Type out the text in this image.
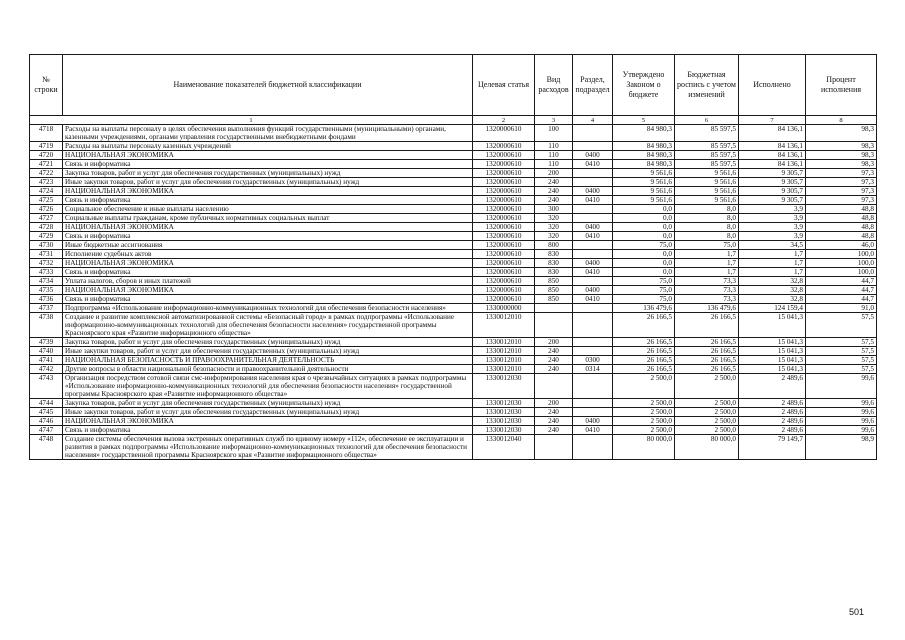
№ строки	Наименование показателей бюджетной классификации	Целевая статья	Вид расходов	Раздел, подраздел	Утверждено Законом о бюджете	Бюджетная роспись с учетом изменений	Исполнено	Процент исполнения
1		2	3	4	5	6	7	8
4718	Расходы на выплаты персоналу в целях обеспечения выполнения функций государственными (муниципальными) органами, казенными учреждениями, органами управления государственными внебюджетными фондами	1320000610	100		84 980,3	85 597,5	84 136,1	98,3
4719	Расходы на выплаты персоналу казенных учреждений	1320000610	110		84 980,3	85 597,5	84 136,1	98,3
4720	НАЦИОНАЛЬНАЯ ЭКОНОМИКА	1320000610	110	0400	84 980,3	85 597,5	84 136,1	98,3
4721	Связь и информатика	1320000610	110	0410	84 980,3	85 597,5	84 136,1	98,3
4722	Закупка товаров, работ и услуг для обеспечения государственных (муниципальных) нужд	1320000610	200		9 561,6	9 561,6	9 305,7	97,3
4723	Иные закупки товаров, работ и услуг для обеспечения государственных (муниципальных) нужд	1320000610	240		9 561,6	9 561,6	9 305,7	97,3
4724	НАЦИОНАЛЬНАЯ ЭКОНОМИКА	1320000610	240	0400	9 561,6	9 561,6	9 305,7	97,3
4725	Связь и информатика	1320000610	240	0410	9 561,6	9 561,6	9 305,7	97,3
4726	Социальное обеспечение и иные выплаты населению	1320000610	300		0,0	8,0	3,9	48,8
4727	Социальные выплаты гражданам, кроме публичных нормативных социальных выплат	1320000610	320		0,0	8,0	3,9	48,8
4728	НАЦИОНАЛЬНАЯ ЭКОНОМИКА	1320000610	320	0400	0,0	8,0	3,9	48,8
4729	Связь и информатика	1320000610	320	0410	0,0	8,0	3,9	48,8
4730	Иные бюджетные ассигнования	1320000610	800		75,0	75,0	34,5	46,0
4731	Исполнение судебных актов	1320000610	830		0,0	1,7	1,7	100,0
4732	НАЦИОНАЛЬНАЯ ЭКОНОМИКА	1320000610	830	0400	0,0	1,7	1,7	100,0
4733	Связь и информатика	1320000610	830	0410	0,0	1,7	1,7	100,0
4734	Уплата налогов, сборов и иных платежей	1320000610	850		75,0	73,3	32,8	44,7
4735	НАЦИОНАЛЬНАЯ ЭКОНОМИКА	1320000610	850	0400	75,0	73,3	32,8	44,7
4736	Связь и информатика	1320000610	850	0410	75,0	73,3	32,8	44,7
4737	Подпрограмма «Использование информационно-коммуникационных технологий для обеспечения безопасности населения»	1330000000			136 479,6	136 479,6	124 159,4	91,0
4738	Создание и развитие комплексной автоматизированной системы «Безопасный город» в рамках подпрограммы «Использование информационно-коммуникационных технологий для обеспечения безопасности населения» государственной программы Красноярского края «Развитие информационного общества»	1330012010			26 166,5	26 166,5	15 041,3	57,5
4739	Закупка товаров, работ и услуг для обеспечения государственных (муниципальных) нужд	1330012010	200		26 166,5	26 166,5	15 041,3	57,5
4740	Иные закупки товаров, работ и услуг для обеспечения государственных (муниципальных) нужд	1330012010	240		26 166,5	26 166,5	15 041,3	57,5
4741	НАЦИОНАЛЬНАЯ БЕЗОПАСНОСТЬ И ПРАВООХРАНИТЕЛЬНАЯ ДЕЯТЕЛЬНОСТЬ	1330012010	240	0300	26 166,5	26 166,5	15 041,3	57,5
4742	Другие вопросы в области национальной безопасности и правоохранительной деятельности	1330012010	240	0314	26 166,5	26 166,5	15 041,3	57,5
4743	Организация посредством сотовой связи смс-информирования населения края о чрезвычайных ситуациях в рамках подпрограммы «Использование информационно-коммуникационных технологий для обеспечения безопасности населения» государственной программы Красноярского края «Развитие информационного общества»	1330012030			2 500,0	2 500,0	2 489,6	99,6
4744	Закупка товаров, работ и услуг для обеспечения государственных (муниципальных) нужд	1330012030	200		2 500,0	2 500,0	2 489,6	99,6
4745	Иные закупки товаров, работ и услуг для обеспечения государственных (муниципальных) нужд	1330012030	240		2 500,0	2 500,0	2 489,6	99,6
4746	НАЦИОНАЛЬНАЯ ЭКОНОМИКА	1330012030	240	0400	2 500,0	2 500,0	2 489,6	99,6
4747	Связь и информатика	1330012030	240	0410	2 500,0	2 500,0	2 489,6	99,6
4748	Создание системы обеспечения вызова экстренных оперативных служб по единому номеру «112», обеспечение ее эксплуатации и развития в рамках подпрограммы «Использование информационно-коммуникационных технологий для обеспечения безопасности населения» государственной программы Красноярского края «Развитие информационного общества»	1330012040			80 000,0	80 000,0	79 149,7	98,9
501
